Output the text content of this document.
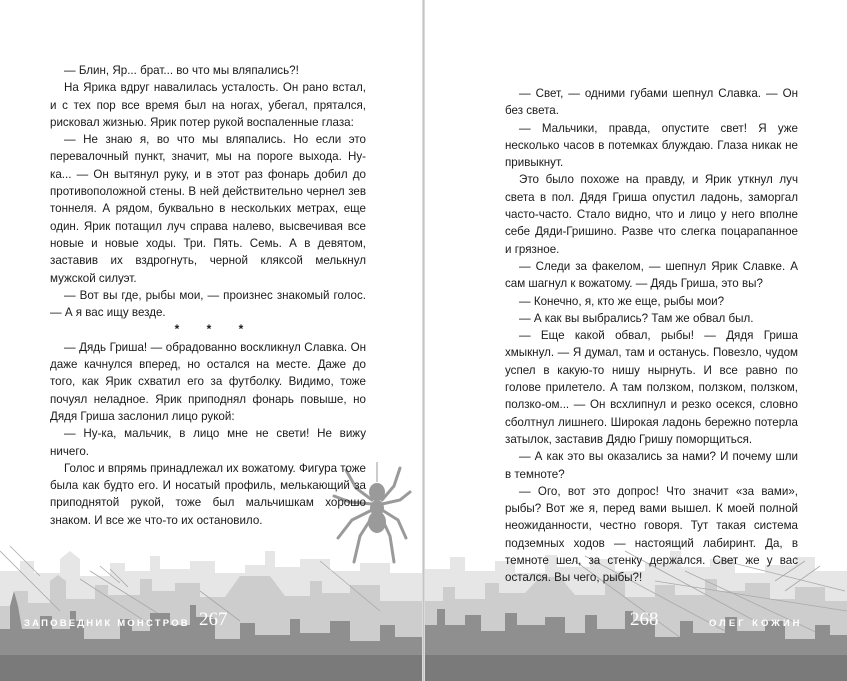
— Блин, Яр... брат... во что мы вляпались?!

На Ярика вдруг навалилась усталость. Он рано встал, и с тех пор все время был на ногах, убегал, прятался, рисковал жизнью. Ярик потер рукой воспаленные глаза:

— Не знаю я, во что мы вляпались. Но если это перевалочный пункт, значит, мы на пороге выхода. Ну-ка... — Он вытянул руку, и в этот раз фонарь добил до противоположной стены. В ней действительно чернел зев тоннеля. А рядом, буквально в нескольких метрах, еще один. Ярик потащил луч справа налево, высвечивая все новые и новые ходы. Три. Пять. Семь. А в девятом, заставив их вздрогнуть, черной кляксой мелькнул мужской силуэт.

— Вот вы где, рыбы мои, — произнес знакомый голос. — А я вас ищу везде.

* * *

— Дядь Гриша! — обрадованно воскликнул Славка. Он даже качнулся вперед, но остался на месте. Даже до того, как Ярик схватил его за футболку. Видимо, тоже почуял неладное. Ярик приподнял фонарь повыше, но Дядя Гриша заслонил лицо рукой:

— Ну-ка, мальчик, в лицо мне не свети! Не вижу ничего.

Голос и впрямь принадлежал их вожатому. Фигура тоже была как будто его. И носатый профиль, мелькающий за приподнятой рукой, тоже был мальчишкам хорошо знаком. И все же что-то их остановило.

ЗАПОВЕДНИК МОНСТРОВ 267

— Свет, — одними губами шепнул Славка. — Он без света.

— Мальчики, правда, опустите свет! Я уже несколько часов в потемках блуждаю. Глаза никак не привыкнут.

Это было похоже на правду, и Ярик уткнул луч света в пол. Дядя Гриша опустил ладонь, заморгал часто-часто. Стало видно, что и лицо у него вполне себе Дяди-Гришино. Разве что слегка поцарапанное и грязное.

— Следи за факелом, — шепнул Ярик Славке. А сам шагнул к вожатому. — Дядь Гриша, это вы?

— Конечно, я, кто же еще, рыбы мои?

— А как вы выбрались? Там же обвал был.

— Еще какой обвал, рыбы! — Дядя Гриша хмыкнул. — Я думал, там и останусь. Повезло, чудом успел в какую-то нишу нырнуть. И все равно по голове прилетело. А там ползком, ползком, ползком, ползко-ом... — Он всхлипнул и резко осекся, словно сболтнул лишнего. Широкая ладонь бережно потерла затылок, заставив Дядю Гришу поморщиться.

— А как это вы оказались за нами? И почему шли в темноте?

— Ого, вот это допрос! Что значит «за вами», рыбы? Вот же я, перед вами вышел. К моей полной неожиданности, честно говоря. Тут такая система подземных ходов — настоящий лабиринт. Да, в темноте шел, за стенку держался. Свет же у вас остался. Вы чего, рыбы?!

268	ОЛЕГ КОЖИН
